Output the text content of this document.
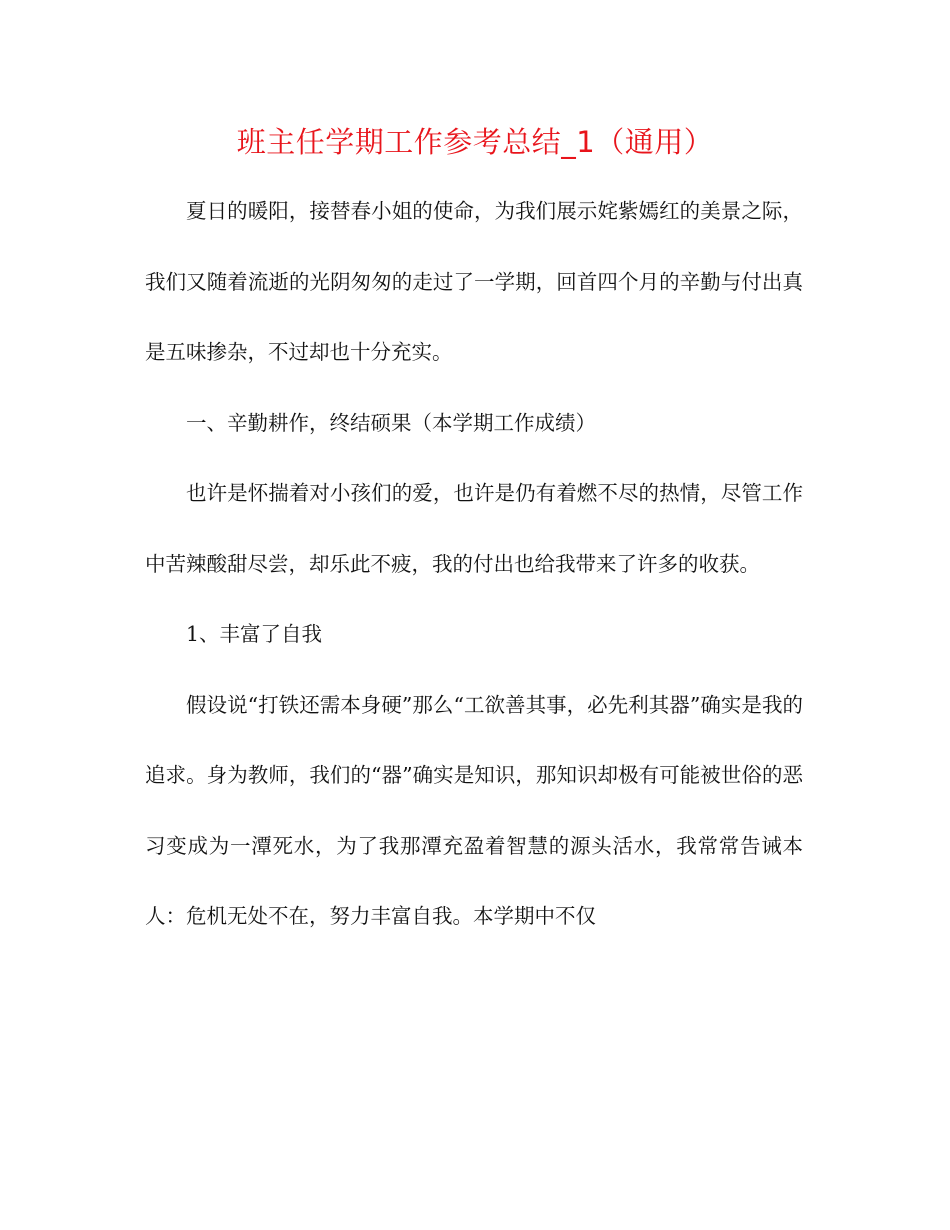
班主任学期工作参考总结_1（通用）

夏日的暖阳，接替春小姐的使命，为我们展示姹紫嫣红的美景之际，我们又随着流逝的光阴匆匆的走过了一学期，回首四个月的辛勤与付出真是五味掺杂，不过却也十分充实。

一、辛勤耕作，终结硕果（本学期工作成绩）

也许是怀揣着对小孩们的爱，也许是仍有着燃不尽的热情，尽管工作中苦辣酸甜尽尝，却乐此不疲，我的付出也给我带来了许多的收获。

1、丰富了自我

假设说“打铁还需本身硬”那么“工欲善其事，必先利其器”确实是我的追求。身为教师，我们的“器”确实是知识，那知识却极有可能被世俗的恶习变成为一潭死水，为了我那潭充盈着智慧的源头活水，我常常告诫本人：危机无处不在，努力丰富自我。本学期中不仅
